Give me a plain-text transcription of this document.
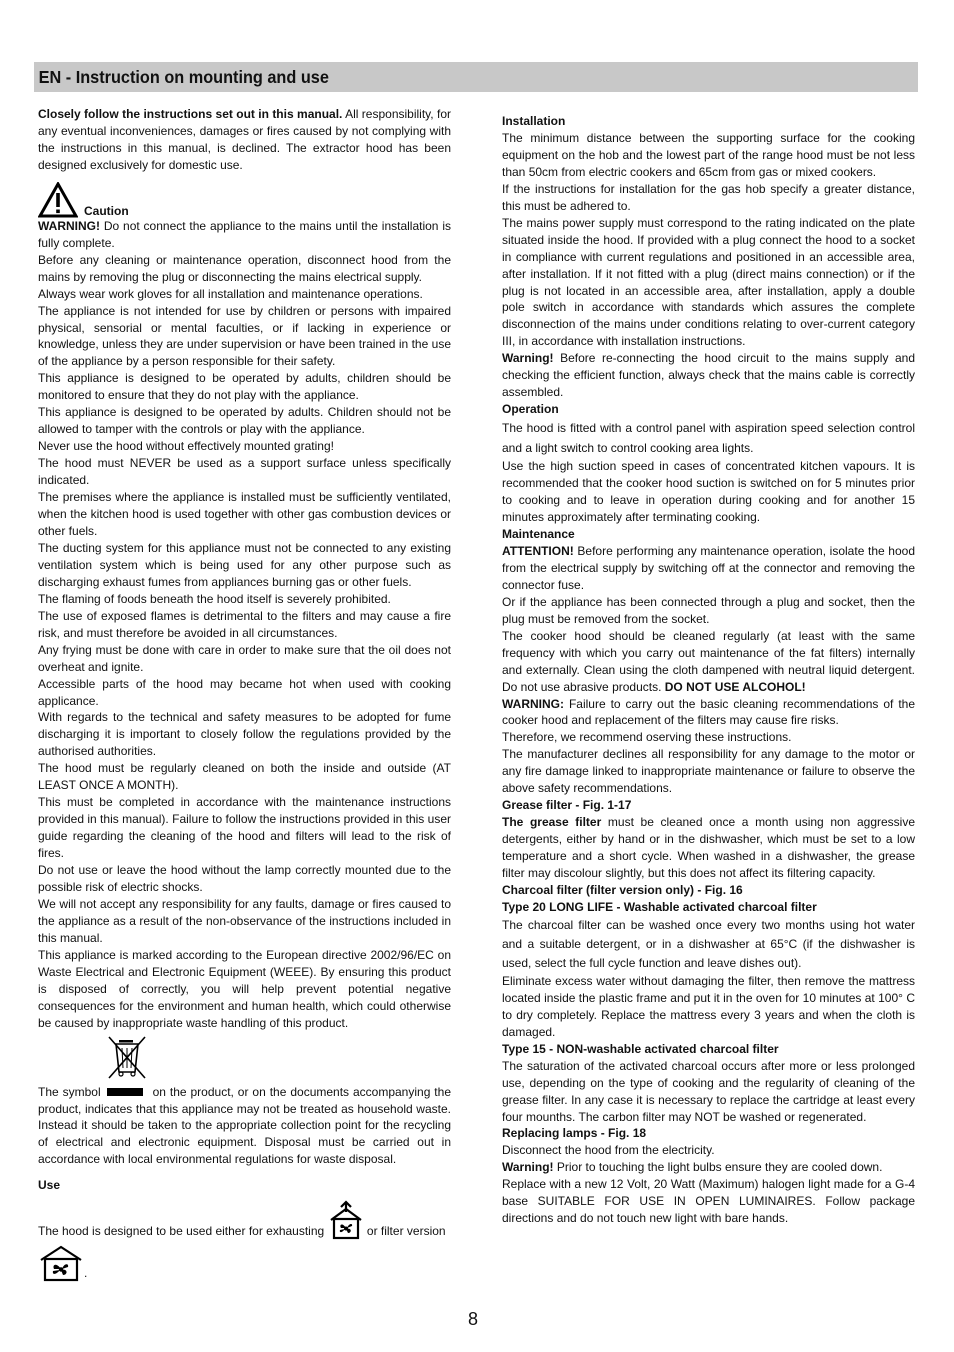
EN - Instruction on mounting and use

Closely follow the instructions set out in this manual. All responsibility, for any eventual inconveniences, damages or fires caused by not complying with the instructions in this manual, is declined. The extractor hood has been designed exclusively for domestic use.

Caution

WARNING! Do not connect the appliance to the mains until the installation is fully complete.

Before any cleaning or maintenance operation, disconnect hood from the mains by removing the plug or disconnecting the mains electrical supply.

Always wear work gloves for all installation and maintenance operations.

The appliance is not intended for use by children or persons with impaired physical, sensorial or mental faculties, or if lacking in experience or knowledge, unless they are under supervision or have been trained in the use of the appliance by a person responsible for their safety.

This appliance is designed to be operated by adults, children should be monitored to ensure that they do not play with the appliance.

This appliance is designed to be operated by adults. Children should not be allowed to tamper with the controls or play with the appliance.

Never use the hood without effectively mounted grating!

The hood must NEVER be used as a support surface unless specifically indicated.

The premises where the appliance is installed must be sufficiently ventilated, when the kitchen hood is used together with other gas combustion devices or other fuels.

The ducting system for this appliance must not be connected to any existing ventilation system which is being used for any other purpose such as discharging exhaust fumes from appliances burning gas or other fuels.

The flaming of foods beneath the hood itself is severely prohibited.

The use of exposed flames is detrimental to the filters and may cause a fire risk, and must therefore be avoided in all circumstances.

Any frying must be done with care in order to make sure that the oil does not overheat and ignite.

Accessible parts of the hood may became hot when used with cooking applicance.

With regards to the technical and safety measures to be adopted for fume discharging it is important to closely follow the regulations provided by the authorised authorities.

The hood must be regularly cleaned on both the inside and outside (AT LEAST ONCE A MONTH).

This must be completed in accordance with the maintenance instructions provided in this manual). Failure to follow the instructions provided in this user guide regarding the cleaning of the hood and filters will lead to the risk of fires.

Do not use or leave the hood without the lamp correctly mounted due to the possible risk of electric shocks.

We will not accept any responsibility for any faults, damage or fires caused to the appliance as a result of the non-observance of the instructions included in this manual.

This appliance is marked according to the European directive 2002/96/EC on Waste Electrical and Electronic Equipment (WEEE). By ensuring this product is disposed of correctly, you will help prevent potential negative consequences for the environment and human health, which could otherwise be caused by inappropriate waste handling of this product.

The symbol	on the product, or on the documents accompanying the product, indicates that this appliance may not be treated as household waste. Instead it should be taken to the appropriate collection point for the recycling of electrical and electronic equipment. Disposal must be carried out in accordance with local environmental regulations for waste disposal.

Use

The hood is designed to be used either for exhausting	or filter version
.

Installation

The minimum distance between the supporting surface for the cooking equipment on the hob and the lowest part of the range hood must be not less than 50cm from electric cookers and 65cm from gas or mixed cookers.

If the instructions for installation for the gas hob specify a greater distance, this must be adhered to.

The mains power supply must correspond to the rating indicated on the plate situated inside the hood. If provided with a plug connect the hood to a socket in compliance with current regulations and positioned in an accessible area, after installation. If it not fitted with a plug (direct mains connection) or if the plug is not located in an accessible area, after installation, apply a double pole switch in accordance with standards which assures the complete disconnection of the mains under conditions relating to over-current category III, in accordance with installation instructions.

Warning! Before re-connecting the hood circuit to the mains supply and checking the efficient function, always check that the mains cable is correctly assembled.

Operation

The hood is fitted with a control panel with aspiration speed selection control and a light switch to control cooking area lights.

Use the high suction speed in cases of concentrated kitchen vapours. It is recommended that the cooker hood suction is switched on for 5 minutes prior to cooking and to leave in operation during cooking and for another 15 minutes approximately after terminating cooking.

Maintenance

ATTENTION! Before performing any maintenance operation, isolate the hood from the electrical supply by switching off at the connector and removing the connector fuse.

Or if the appliance has been connected through a plug and socket, then the plug must be removed from the socket.

The cooker hood should be cleaned regularly (at least with the same frequency with which you carry out maintenance of the fat filters) internally and externally. Clean using the cloth dampened with neutral liquid detergent. Do not use abrasive products. DO NOT USE ALCOHOL!

WARNING: Failure to carry out the basic cleaning recommendations of the cooker hood and replacement of the filters may cause fire risks.

Therefore, we recommend oserving these instructions.

The manufacturer declines all responsibility for any damage to the motor or any fire damage linked to inappropriate maintenance or failure to observe the above safety recommendations.

Grease filter - Fig. 1-17

The grease filter must be cleaned once a month using non aggressive detergents, either by hand or in the dishwasher, which must be set to a low temperature and a short cycle. When washed in a dishwasher, the grease filter may discolour slightly, but this does not affect its filtering capacity.

Charcoal filter (filter version only) - Fig. 16

Type 20 LONG LIFE - Washable activated charcoal filter

The charcoal filter can be washed once every two months using hot water and a suitable detergent, or in a dishwasher at 65°C (if the dishwasher is used, select the full cycle function and leave dishes out).

Eliminate excess water without damaging the filter, then remove the mattress located inside the plastic frame and put it in the oven for 10 minutes at 100° C to dry completely. Replace the mattress every 3 years and when the cloth is damaged.

Type 15 - NON-washable activated charcoal filter

The saturation of the activated charcoal occurs after more or less prolonged use, depending on the type of cooking and the regularity of cleaning of the grease filter. In any case it is necessary to replace the cartridge at least every four mounths. The carbon filter may NOT be washed or regenerated.

Replacing lamps - Fig. 18

Disconnect the hood from the electricity.

Warning! Prior to touching the light bulbs ensure they are cooled down.

Replace with a new 12 Volt, 20 Watt (Maximum) halogen light made for a G-4 base SUITABLE FOR USE IN OPEN LUMINAIRES. Follow package directions and do not touch new light with bare hands.

8
